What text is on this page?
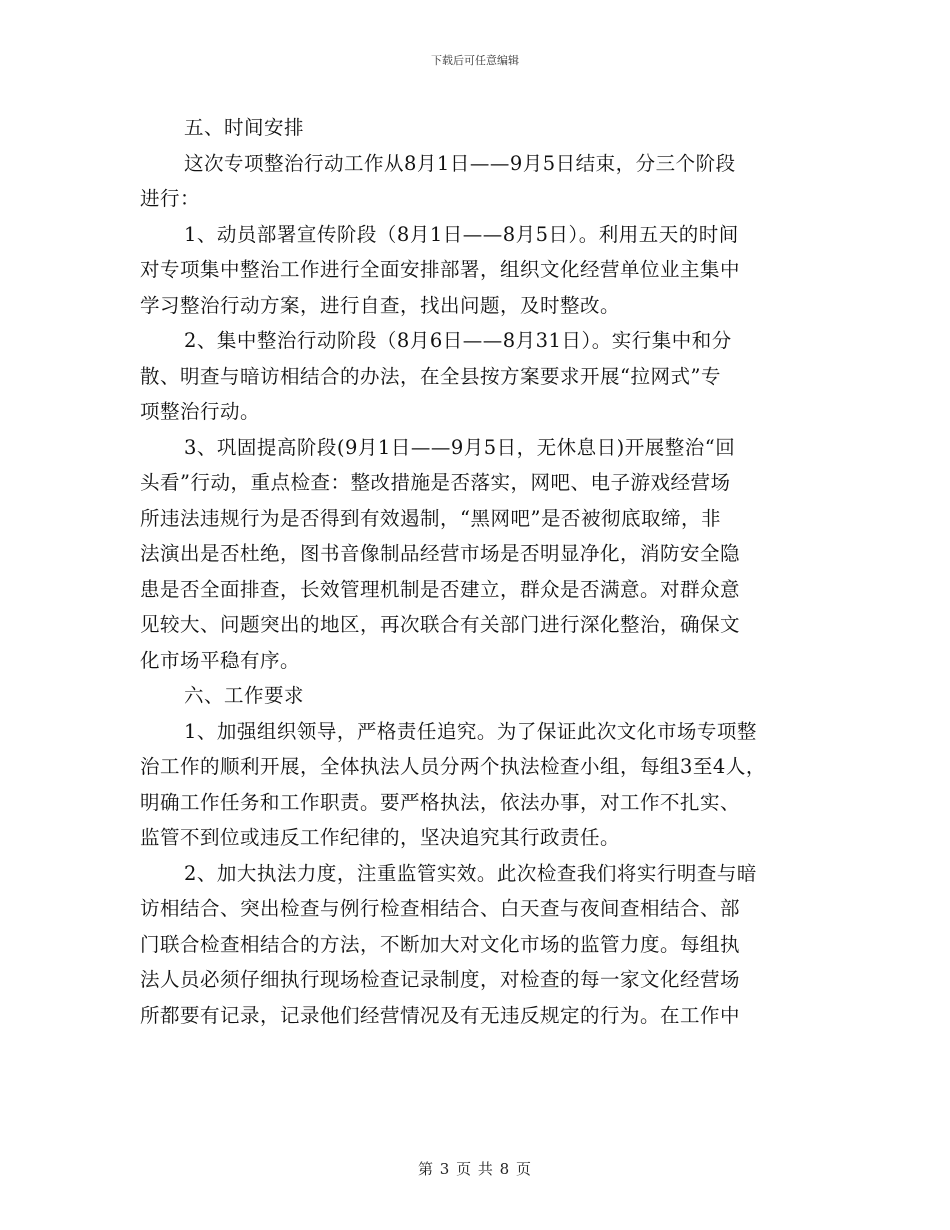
下载后可任意编辑
五、时间安排
这次专项整治行动工作从8月1日——9月5日结束，分三个阶段
进行：
1、动员部署宣传阶段（8月1日——8月5日）。利用五天的时间
对专项集中整治工作进行全面安排部署，组织文化经营单位业主集中
学习整治行动方案，进行自查，找出问题，及时整改。
2、集中整治行动阶段（8月6日——8月31日）。实行集中和分
散、明查与暗访相结合的办法，在全县按方案要求开展“拉网式”专
项整治行动。
3、巩固提高阶段(9月1日——9月5日，无休息日)开展整治“回
头看”行动，重点检查：整改措施是否落实，网吧、电子游戏经营场
所违法违规行为是否得到有效遏制，“黑网吧”是否被彻底取缔，非
法演出是否杜绝，图书音像制品经营市场是否明显净化，消防安全隐
患是否全面排查，长效管理机制是否建立，群众是否满意。对群众意
见较大、问题突出的地区，再次联合有关部门进行深化整治，确保文
化市场平稳有序。
六、工作要求
1、加强组织领导，严格责任追究。为了保证此次文化市场专项整
治工作的顺利开展，全体执法人员分两个执法检查小组，每组3至4人，
明确工作任务和工作职责。要严格执法，依法办事，对工作不扎实、
监管不到位或违反工作纪律的，坚决追究其行政责任。
2、加大执法力度，注重监管实效。此次检查我们将实行明查与暗
访相结合、突出检查与例行检查相结合、白天查与夜间查相结合、部
门联合检查相结合的方法，不断加大对文化市场的监管力度。每组执
法人员必须仔细执行现场检查记录制度，对检查的每一家文化经营场
所都要有记录，记录他们经营情况及有无违反规定的行为。在工作中
第 3 页 共 8 页
